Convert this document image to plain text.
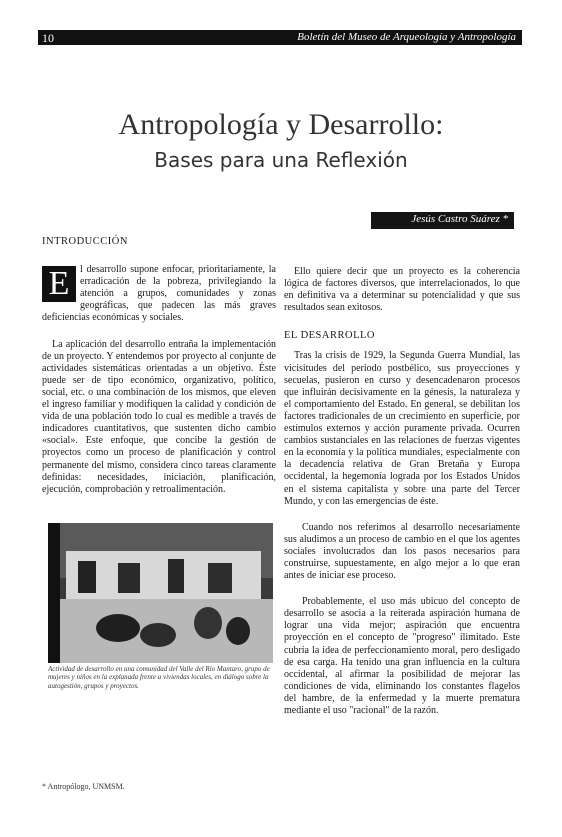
10	Boletín del Museo de Arqueología y Antropología
Antropología y Desarrollo:
Bases para una Reflexión
Jesús Castro Suárez *
INTRODUCCIÓN

E	l desarrollo supone enfocar, prioritariamente, la erradicación de la pobreza, privilegiando la atención a grupos, comunidades y zonas geográficas, que padecen las más graves deficiencias económicas y sociales.

La aplicación del desarrollo entraña la implementación de un proyecto. Y entendemos por proyecto al conjunte de actividades sistemáticas orientadas a un objetivo. Éste puede ser de tipo económico, organizativo, político, social, etc. o una combinación de los mismos, que eleven el ingreso familiar y modifiquen la calidad y condición de vida de una población todo lo cual es medible a través de indicadores cuantitativos, que sustenten dicho cambio «social». Este enfoque, que concibe la gestión de proyectos como un proceso de planificación y control permanente del mismo, considera cinco tareas claramente definidas: necesidades, iniciación, planificación, ejecución, comprobación y retroalimentación.

Actividad de desarrollo en una comunidad del Valle del Río Mantaro, grupo de mujeres y niños en la explanada frente a viviendas locales, en diálogo sobre la autogestión, grupos y proyectos.

Ello quiere decir que un proyecto es la coherencia lógica de factores diversos, que interrelacionados, lo que en definitiva va a determinar su potencialidad y que sus resultados sean exitosos.

EL DESARROLLO

Tras la crisis de 1929, la Segunda Guerra Mundial, las vicisitudes del periodo postbélico, sus proyecciones y secuelas, pusieron en curso y desencadenaron procesos que influirán decisivamente en la génesis, la naturaleza y el comportamiento del Estado. En general, se debilitan los factores tradicionales de un crecimiento en superficie, por estímulos externos y acción puramente privada. Ocurren cambios sustanciales en las relaciones de fuerzas vigentes en la economía y la política mundiales, especialmente con la decadencia relativa de Gran Bretaña y Europa occidental, la hegemonía lograda por los Estados Unidos en el sistema capitalista y sobre una parte del Tercer Mundo, y con las emergencias de éste.

Cuando nos referimos al desarrollo necesariamente sus aludimos a un proceso de cambio en el que los agentes sociales involucrados dan los pasos necesarios para construirse, supuestamente, en algo mejor a lo que eran antes de iniciar ese proceso.

Probablemente, el uso más ubicuo del concepto de desarrollo se asocia a la reiterada aspiración humana de lograr una vida mejor; aspiración que encuentra proyección en el concepto de "progreso" ilimitado. Este cubría la idea de perfeccionamiento moral, pero desligado de esa carga. Ha tenido una gran influencia en la cultura occidental, al afirmar la posibilidad de mejorar las condiciones de vida, eliminando los constantes flagelos del hambre, de la enfermedad y la muerte prematura mediante el uso "racional" de la razón.

* Antropólogo, UNMSM.
